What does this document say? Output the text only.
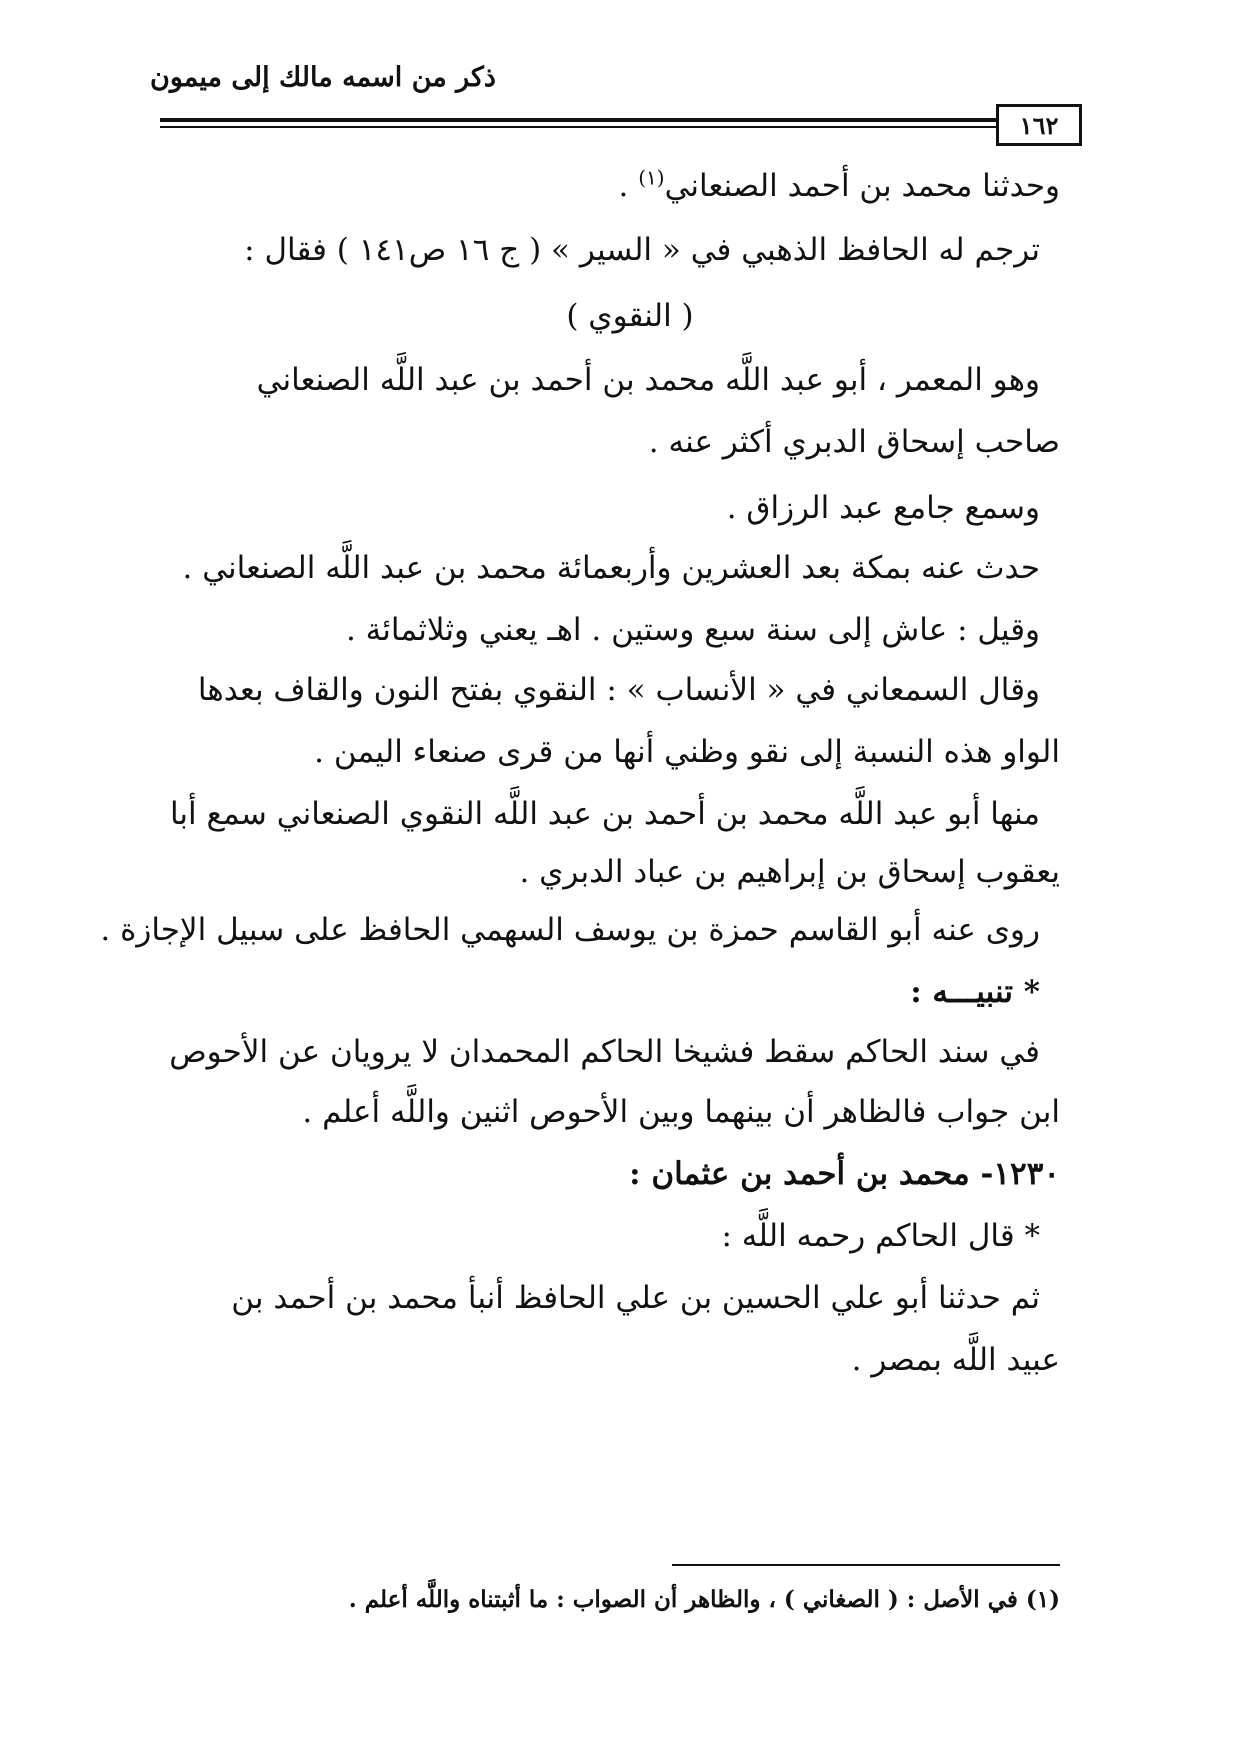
ذكر من اسمه مالك إلى ميمون
١٦٢
وحدثنا محمد بن أحمد الصنعاني$^{(١)}$ .
ترجم له الحافظ الذهبي في « السير » ( ج ١٦ ص١٤١ ) فقال :
( النقوي )
وهو المعمر ، أبو عبد اللَّه محمد بن أحمد بن عبد اللَّه الصنعاني
صاحب إسحاق الدبري أكثر عنه .
وسمع جامع عبد الرزاق .
حدث عنه بمكة بعد العشرين وأربعمائة محمد بن عبد اللَّه الصنعاني .
وقيل : عاش إلى سنة سبع وستين . اهـ يعني وثلاثمائة .
وقال السمعاني في « الأنساب » : النقوي بفتح النون والقاف بعدها
الواو هذه النسبة إلى نقو وظني أنها من قرى صنعاء اليمن .
منها أبو عبد اللَّه محمد بن أحمد بن عبد اللَّه النقوي الصنعاني سمع أبا
يعقوب إسحاق بن إبراهيم بن عباد الدبري .
روى عنه أبو القاسم حمزة بن يوسف السهمي الحافظ على سبيل الإجازة .
* تنبيـــه :
في سند الحاكم سقط فشيخا الحاكم المحمدان لا يرويان عن الأحوص
ابن جواب فالظاهر أن بينهما وبين الأحوص اثنين واللَّه أعلم .
١٢٣٠- محمد بن أحمد بن عثمان :
* قال الحاكم رحمه اللَّه :
ثم حدثنا أبو علي الحسين بن علي الحافظ أنبأ محمد بن أحمد بن
عبيد اللَّه بمصر .
(١) في الأصل : ( الصغاني ) ، والظاهر أن الصواب : ما أثبتناه واللَّه أعلم .
